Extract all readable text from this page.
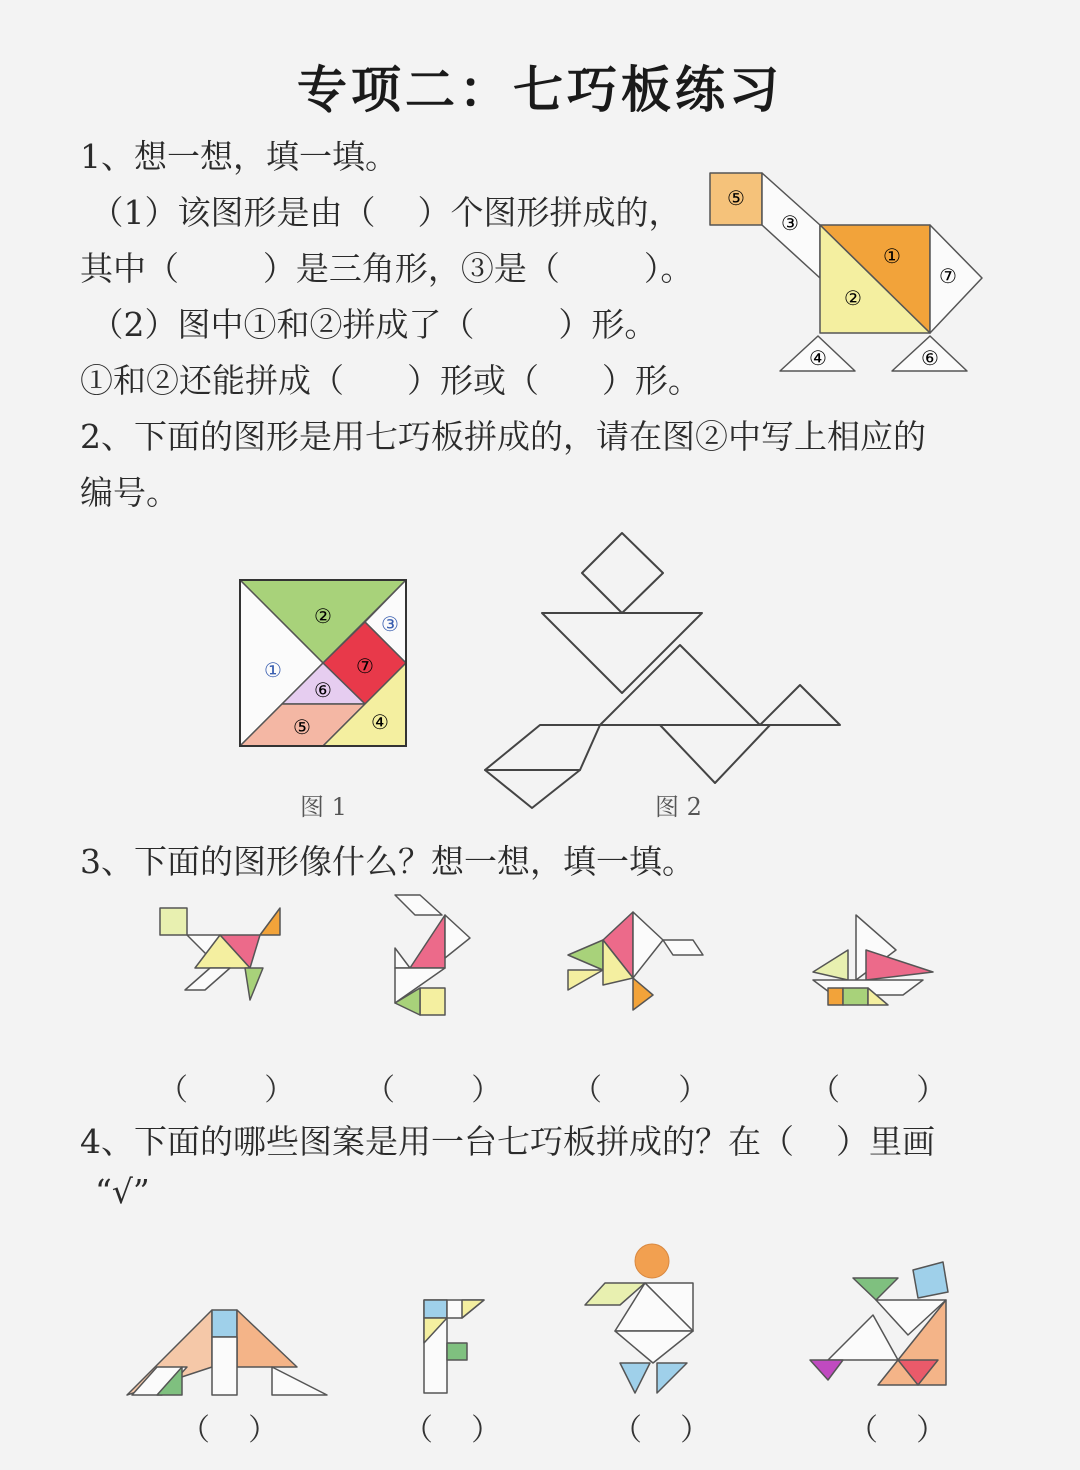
专项二：七巧板练习
1、想一想，填一填。
（1）该图形是由（    ）个图形拼成的，
其中（        ）是三角形，③是（        ）。
（2）图中①和②拼成了（        ）形。
①和②还能拼成（      ）形或（      ）形。
⑤
③
①
②
⑦
④	⑥
2、下面的图形是用七巧板拼成的，请在图②中写上相应的
编号。
②
①
③
⑦
⑥
⑤	④
图 1	图 2
3、下面的图形像什么？想一想，填一填。
（        ） （        ） （        ）	（        ）
4、下面的哪些图案是用一台七巧板拼成的？在（    ）里画
“√”
（    ）	（    ）	（    ）	（    ）
